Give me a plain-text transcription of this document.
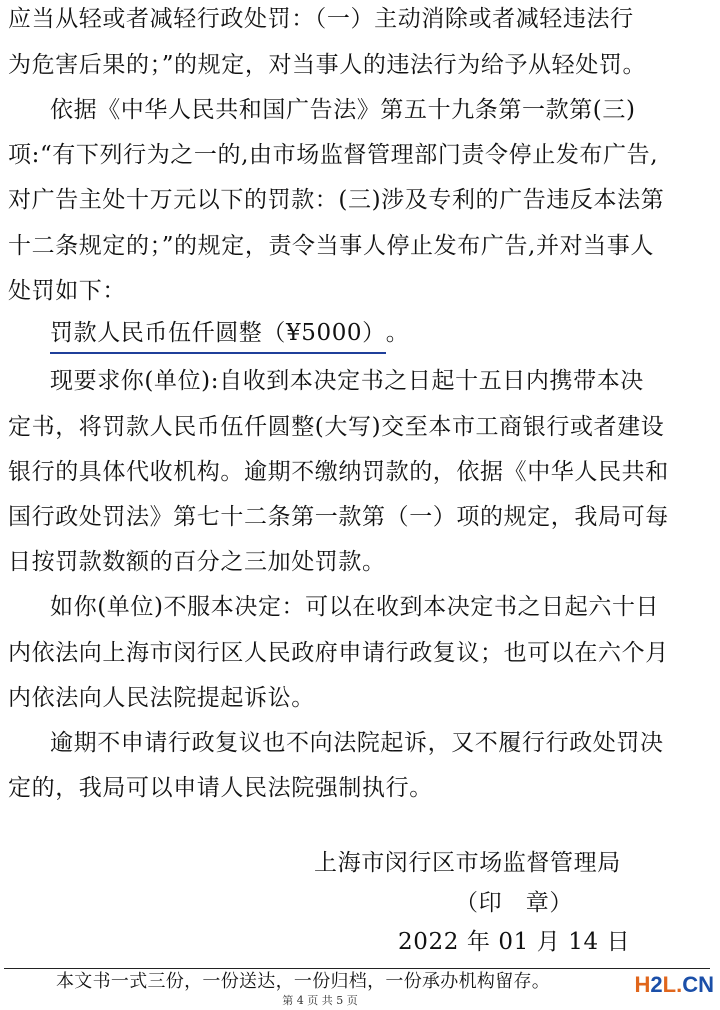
应当从轻或者减轻行政处罚：（一）主动消除或者减轻违法行
为危害后果的；”的规定，对当事人的违法行为给予从轻处罚。
依据《中华人民共和国广告法》第五十九条第一款第(三)
项:“有下列行为之一的,由市场监督管理部门责令停止发布广告,
对广告主处十万元以下的罚款：(三)涉及专利的广告违反本法第
十二条规定的；”的规定，责令当事人停止发布广告,并对当事人
处罚如下：
罚款人民币伍仟圆整（¥5000）。
现要求你(单位):自收到本决定书之日起十五日内携带本决
定书，将罚款人民币伍仟圆整(大写)交至本市工商银行或者建设
银行的具体代收机构。逾期不缴纳罚款的，依据《中华人民共和
国行政处罚法》第七十二条第一款第（一）项的规定，我局可每
日按罚款数额的百分之三加处罚款。
如你(单位)不服本决定：可以在收到本决定书之日起六十日
内依法向上海市闵行区人民政府申请行政复议；也可以在六个月
内依法向人民法院提起诉讼。
逾期不申请行政复议也不向法院起诉，又不履行行政处罚决
定的，我局可以申请人民法院强制执行。
上海市闵行区市场监督管理局
（印　章）
2022 年 01 月 14 日
本文书一式三份，一份送达，一份归档，一份承办机构留存。
第 4 页 共 5 页
H2L.CN
